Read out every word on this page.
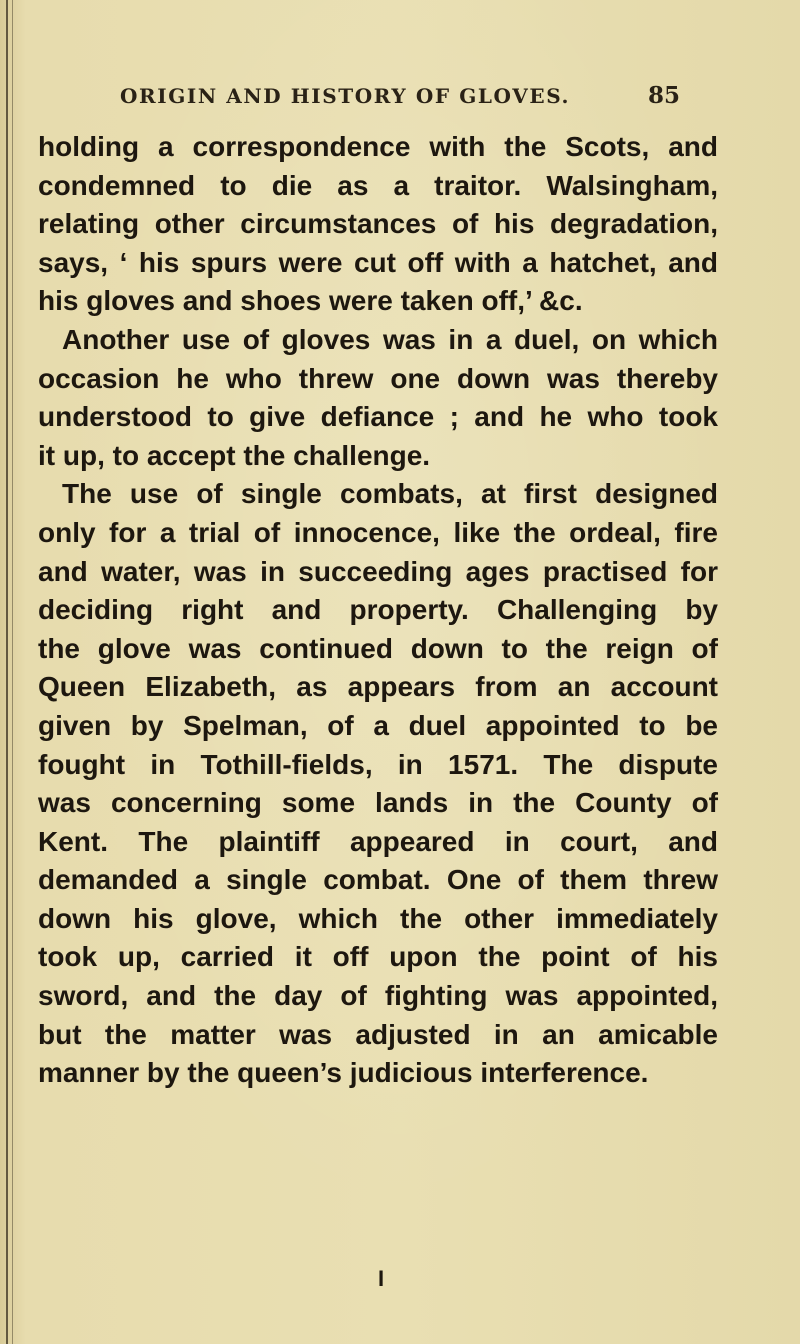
ORIGIN AND HISTORY OF GLOVES.	85
holding a correspondence with the Scots, and
condemned to die as a traitor. Walsingham,
relating other circumstances of his degradation,
says, ‘ his spurs were cut off with a hatchet, and
his gloves and shoes were taken off,’ &c.
Another use of gloves was in a duel, on which
occasion he who threw one down was thereby
understood to give defiance ; and he who took
it up, to accept the challenge.
The use of single combats, at first designed
only for a trial of innocence, like the ordeal, fire
and water, was in succeeding ages practised for
deciding right and property. Challenging by
the glove was continued down to the reign of
Queen Elizabeth, as appears from an account
given by Spelman, of a duel appointed to be
fought in Tothill-fields, in 1571. The dispute
was concerning some lands in the County of
Kent. The plaintiff appeared in court, and
demanded a single combat. One of them threw
down his glove, which the other immediately
took up, carried it off upon the point of his
sword, and the day of fighting was appointed,
but the matter was adjusted in an amicable
manner by the queen’s judicious interference.
I
